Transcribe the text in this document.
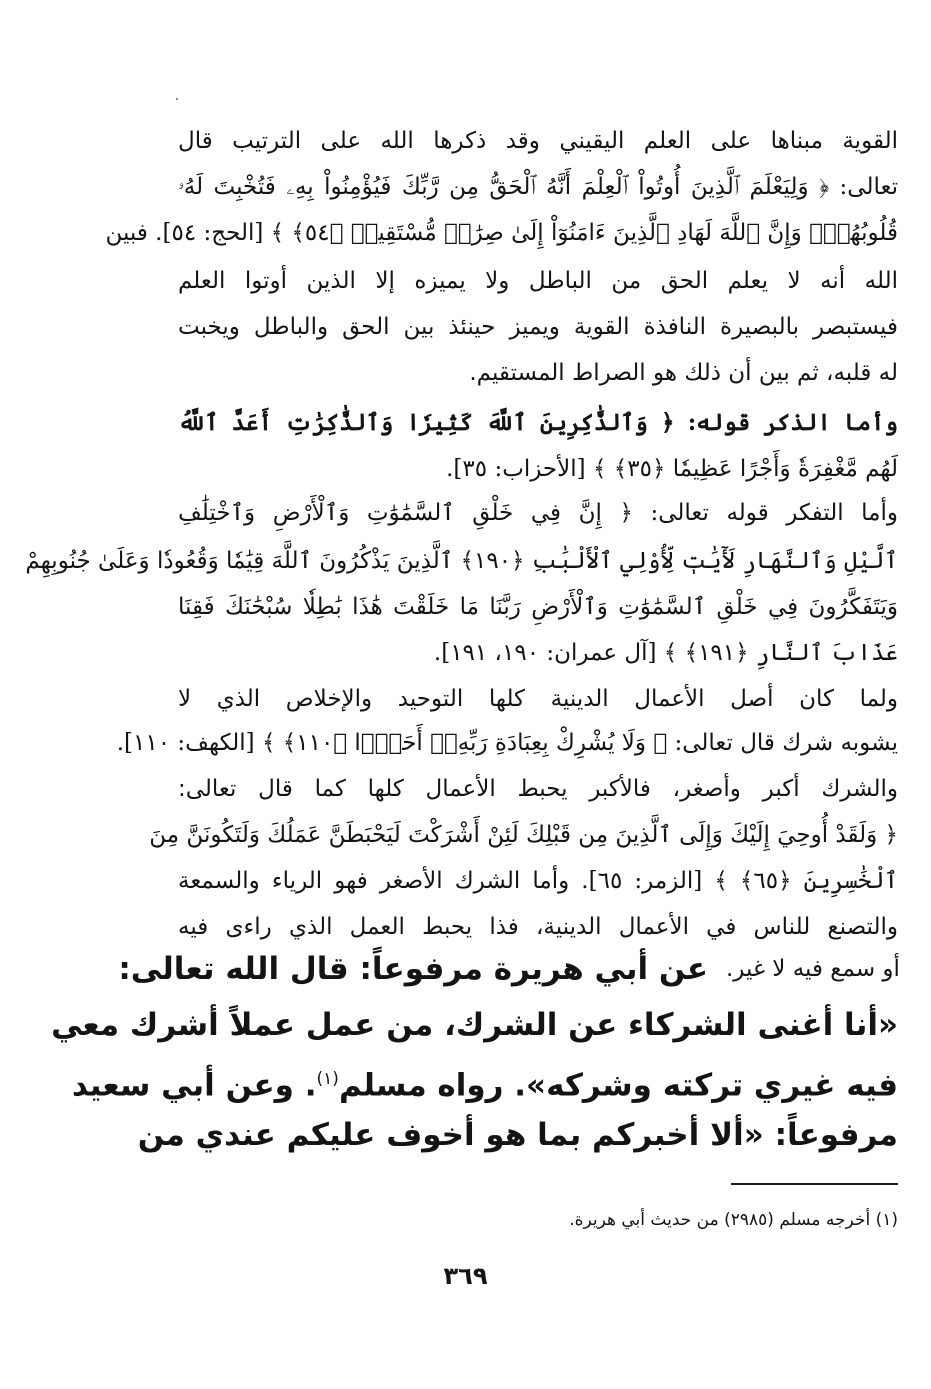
القوية مبناها على العلم اليقيني وقد ذكرها الله على الترتيب قال
تعالى: ﴿ وَلِيَعْلَمَ ٱلَّذِينَ أُوتُواْ ٱلْعِلْمَ أَنَّهُ ٱلْحَقُّ مِن رَّبِّكَ فَيُؤْمِنُواْ بِهِۦ فَتُخْبِتَ لَهُۥ
قُلُوبُهُمْۗ وَإِنَّ ٱللَّهَ لَهَادِ ٱلَّذِينَ ءَامَنُوٓاْ إِلَىٰ صِرَٰطٖ مُّسْتَقِيمٖ ﴿٥٤﴾ ﴾ [الحج: ٥٤]. فبين
الله أنه لا يعلم الحق من الباطل ولا يميزه إلا الذين أوتوا العلم
فيستبصر بالبصيرة النافذة القوية ويميز حينئذ بين الحق والباطل ويخبت
له قلبه، ثم بين أن ذلك هو الصراط المستقيم.
وأما الذكر قوله: ﴿ وَٱلذَّٰكِرِينَ ٱللَّهَ كَثِيرٗا وَٱلذَّٰكِرَٰتِ أَعَدَّ ٱللَّهُ
لَهُم مَّغْفِرَةٗ وَأَجْرًا عَظِيمٗا ﴿٣٥﴾ ﴾ [الأحزاب: ٣٥].
وأما التفكر قوله تعالى: ﴿ إِنَّ فِي خَلْقِ ٱلسَّمَٰوَٰتِ وَٱلْأَرْضِ وَٱخْتِلَٰفِ
ٱلَّيْلِ وَٱلنَّهَارِ لَأٓيَٰتٖ لِّأُوْلِي ٱلْأَلْبَٰبِ ﴿١٩٠﴾ ٱلَّذِينَ يَذْكُرُونَ ٱللَّهَ قِيَٰمٗا وَقُعُودٗا وَعَلَىٰ جُنُوبِهِمْ
وَيَتَفَكَّرُونَ فِي خَلْقِ ٱلسَّمَٰوَٰتِ وَٱلْأَرْضِ رَبَّنَا مَا خَلَقْتَ هَٰذَا بَٰطِلٗا سُبْحَٰنَكَ فَقِنَا
عَذَابَ ٱلنَّارِ ﴿١٩١﴾ ﴾ [آل عمران: ١٩٠، ١٩١].
ولما كان أصل الأعمال الدينية كلها التوحيد والإخلاص الذي لا
يشوبه شرك قال تعالى: ﴿ وَلَا يُشْرِكْ بِعِبَادَةِ رَبِّهِۦٓ أَحَدَۢا ﴿١١٠﴾ ﴾ [الكهف: ١١٠].
والشرك أكبر وأصغر، فالأكبر يحبط الأعمال كلها كما قال تعالى:
﴿ وَلَقَدْ أُوحِيَ إِلَيْكَ وَإِلَى ٱلَّذِينَ مِن قَبْلِكَ لَئِنْ أَشْرَكْتَ لَيَحْبَطَنَّ عَمَلُكَ وَلَتَكُونَنَّ مِنَ
ٱلْخَٰسِرِينَ ﴿٦٥﴾ ﴾ [الزمر: ٦٥]. وأما الشرك الأصغر فهو الرياء والسمعة
والتصنع للناس في الأعمال الدينية، فذا يحبط العمل الذي راءى فيه
أو سمع فيه لا غير.
عن أبي هريرة مرفوعاً: قال الله تعالى:
«أنا أغنى الشركاء عن الشرك، من عمل عملاً أشرك معي
فيه غيري تركته وشركه». رواه مسلم$^{(١)}$. وعن أبي سعيد
مرفوعاً: «ألا أخبركم بما هو أخوف عليكم عندي من
(١) أخرجه مسلم (٢٩٨٥) من حديث أبي هريرة.
٣٦٩
